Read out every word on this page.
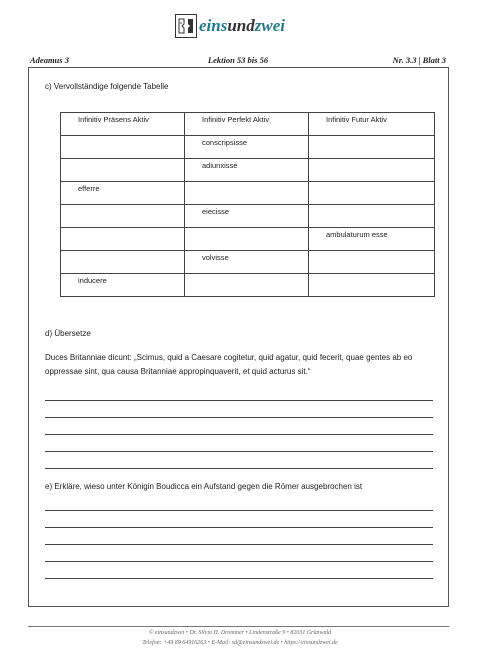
einsundzwei
Adeamus 3	Lektion 53 bis 56	Nr. 3.3 | Blatt 3
c) Vervollständige folgende Tabelle
Infinitiv Präsens Aktiv	Infinitiv Perfekt Aktiv	Infinitiv Futur Aktiv
	conscripsisse	
	adiunxisse	
efferre		
	eiecisse	
		ambulaturum esse
	volvisse	
inducere		
d) Übersetze
Duces Britanniae dicunt: „Scimus, quid a Caesare cogitetur, quid agatur, quid fecerit, quae gentes ab eo oppressae sint, qua causa Britanniae appropinquaverit, et quid acturus sit.“
e) Erkläre, wieso unter Königin Boudicca ein Aufstand gegen die Römer ausgebrochen ist
© einsundzwei • Dr. Silvia H. Drommer • Lindenstraße 9 • 82031 Grünwald
Telefon: +49 89 64916263 • E-Mail: sd@einsundzwei.de • https://einsundzwei.de
